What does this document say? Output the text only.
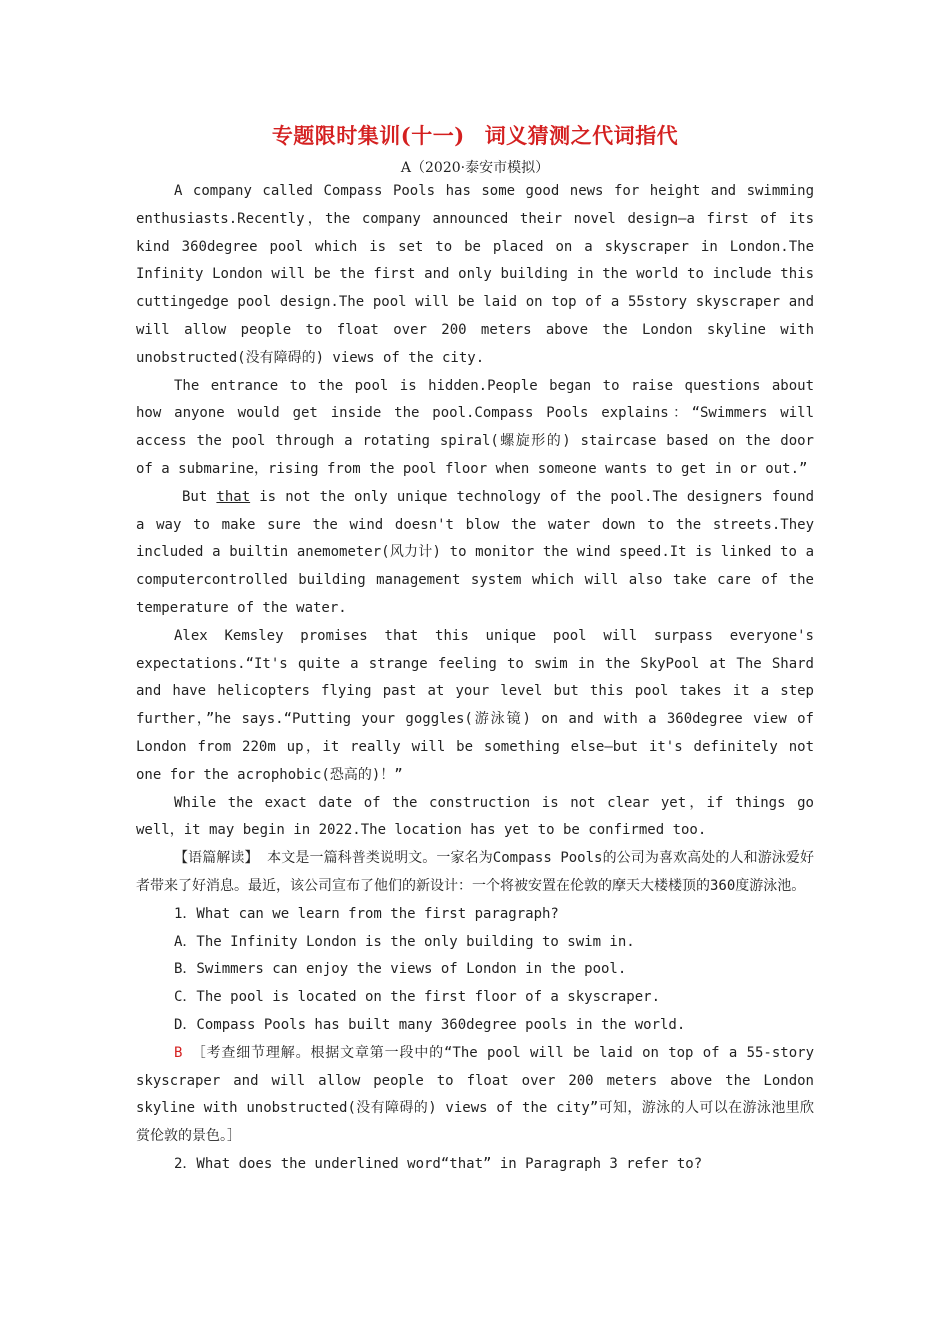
专题限时集训(十一) 词义猜测之代词指代
A（2020·泰安市模拟）

A company called Compass Pools has some good news for height and swimming enthusiasts.Recently，the company announced their novel design—a first of its kind 360degree pool which is set to be placed on a skyscraper in London.The Infinity London will be the first and only building in the world to include this cuttingedge pool design.The pool will be laid on top of a 55story skyscraper and will allow people to float over 200 meters above the London skyline with unobstructed(没有障碍的) views of the city.

The entrance to the pool is hidden.People began to raise questions about how anyone would get inside the pool.Compass Pools explains：“Swimmers will access the pool through a rotating spiral(螺旋形的) staircase based on the door of a submarine，rising from the pool floor when someone wants to get in or out.”

But that is not the only unique technology of the pool.The designers found a way to make sure the wind doesn't blow the water down to the streets.They included a builtin anemometer(风力计) to monitor the wind speed.It is linked to a computercontrolled building management system which will also take care of the temperature of the water.

Alex Kemsley promises that this unique pool will surpass everyone's expectations.“It's quite a strange feeling to swim in the SkyPool at The Shard and have helicopters flying past at your level but this pool takes it a step further，”he says.“Putting your goggles(游泳镜) on and with a 360degree view of London from 220m up，it really will be something else—but it's definitely not one for the acrophobic(恐高的)！”

While the exact date of the construction is not clear yet，if things go well，it may begin in 2022.The location has yet to be confirmed too.

【语篇解读】 本文是一篇科普类说明文。一家名为Compass Pools的公司为喜欢高处的人和游泳爱好者带来了好消息。最近，该公司宣布了他们的新设计：一个将被安置在伦敦的摩天大楼楼顶的360度游泳池。

1．What can we learn from the first paragraph?

A．The Infinity London is the only building to swim in.

B．Swimmers can enjoy the views of London in the pool.

C．The pool is located on the first floor of a skyscraper.

D．Compass Pools has built many 360degree pools in the world.

B ［考查细节理解。根据文章第一段中的“The pool will be laid on top of a 55-story skyscraper and will allow people to float over 200 meters above the London skyline with unobstructed(没有障碍的) views of the city”可知，游泳的人可以在游泳池里欣赏伦敦的景色。］

2．What does the underlined word“that” in Paragraph 3 refer to?
